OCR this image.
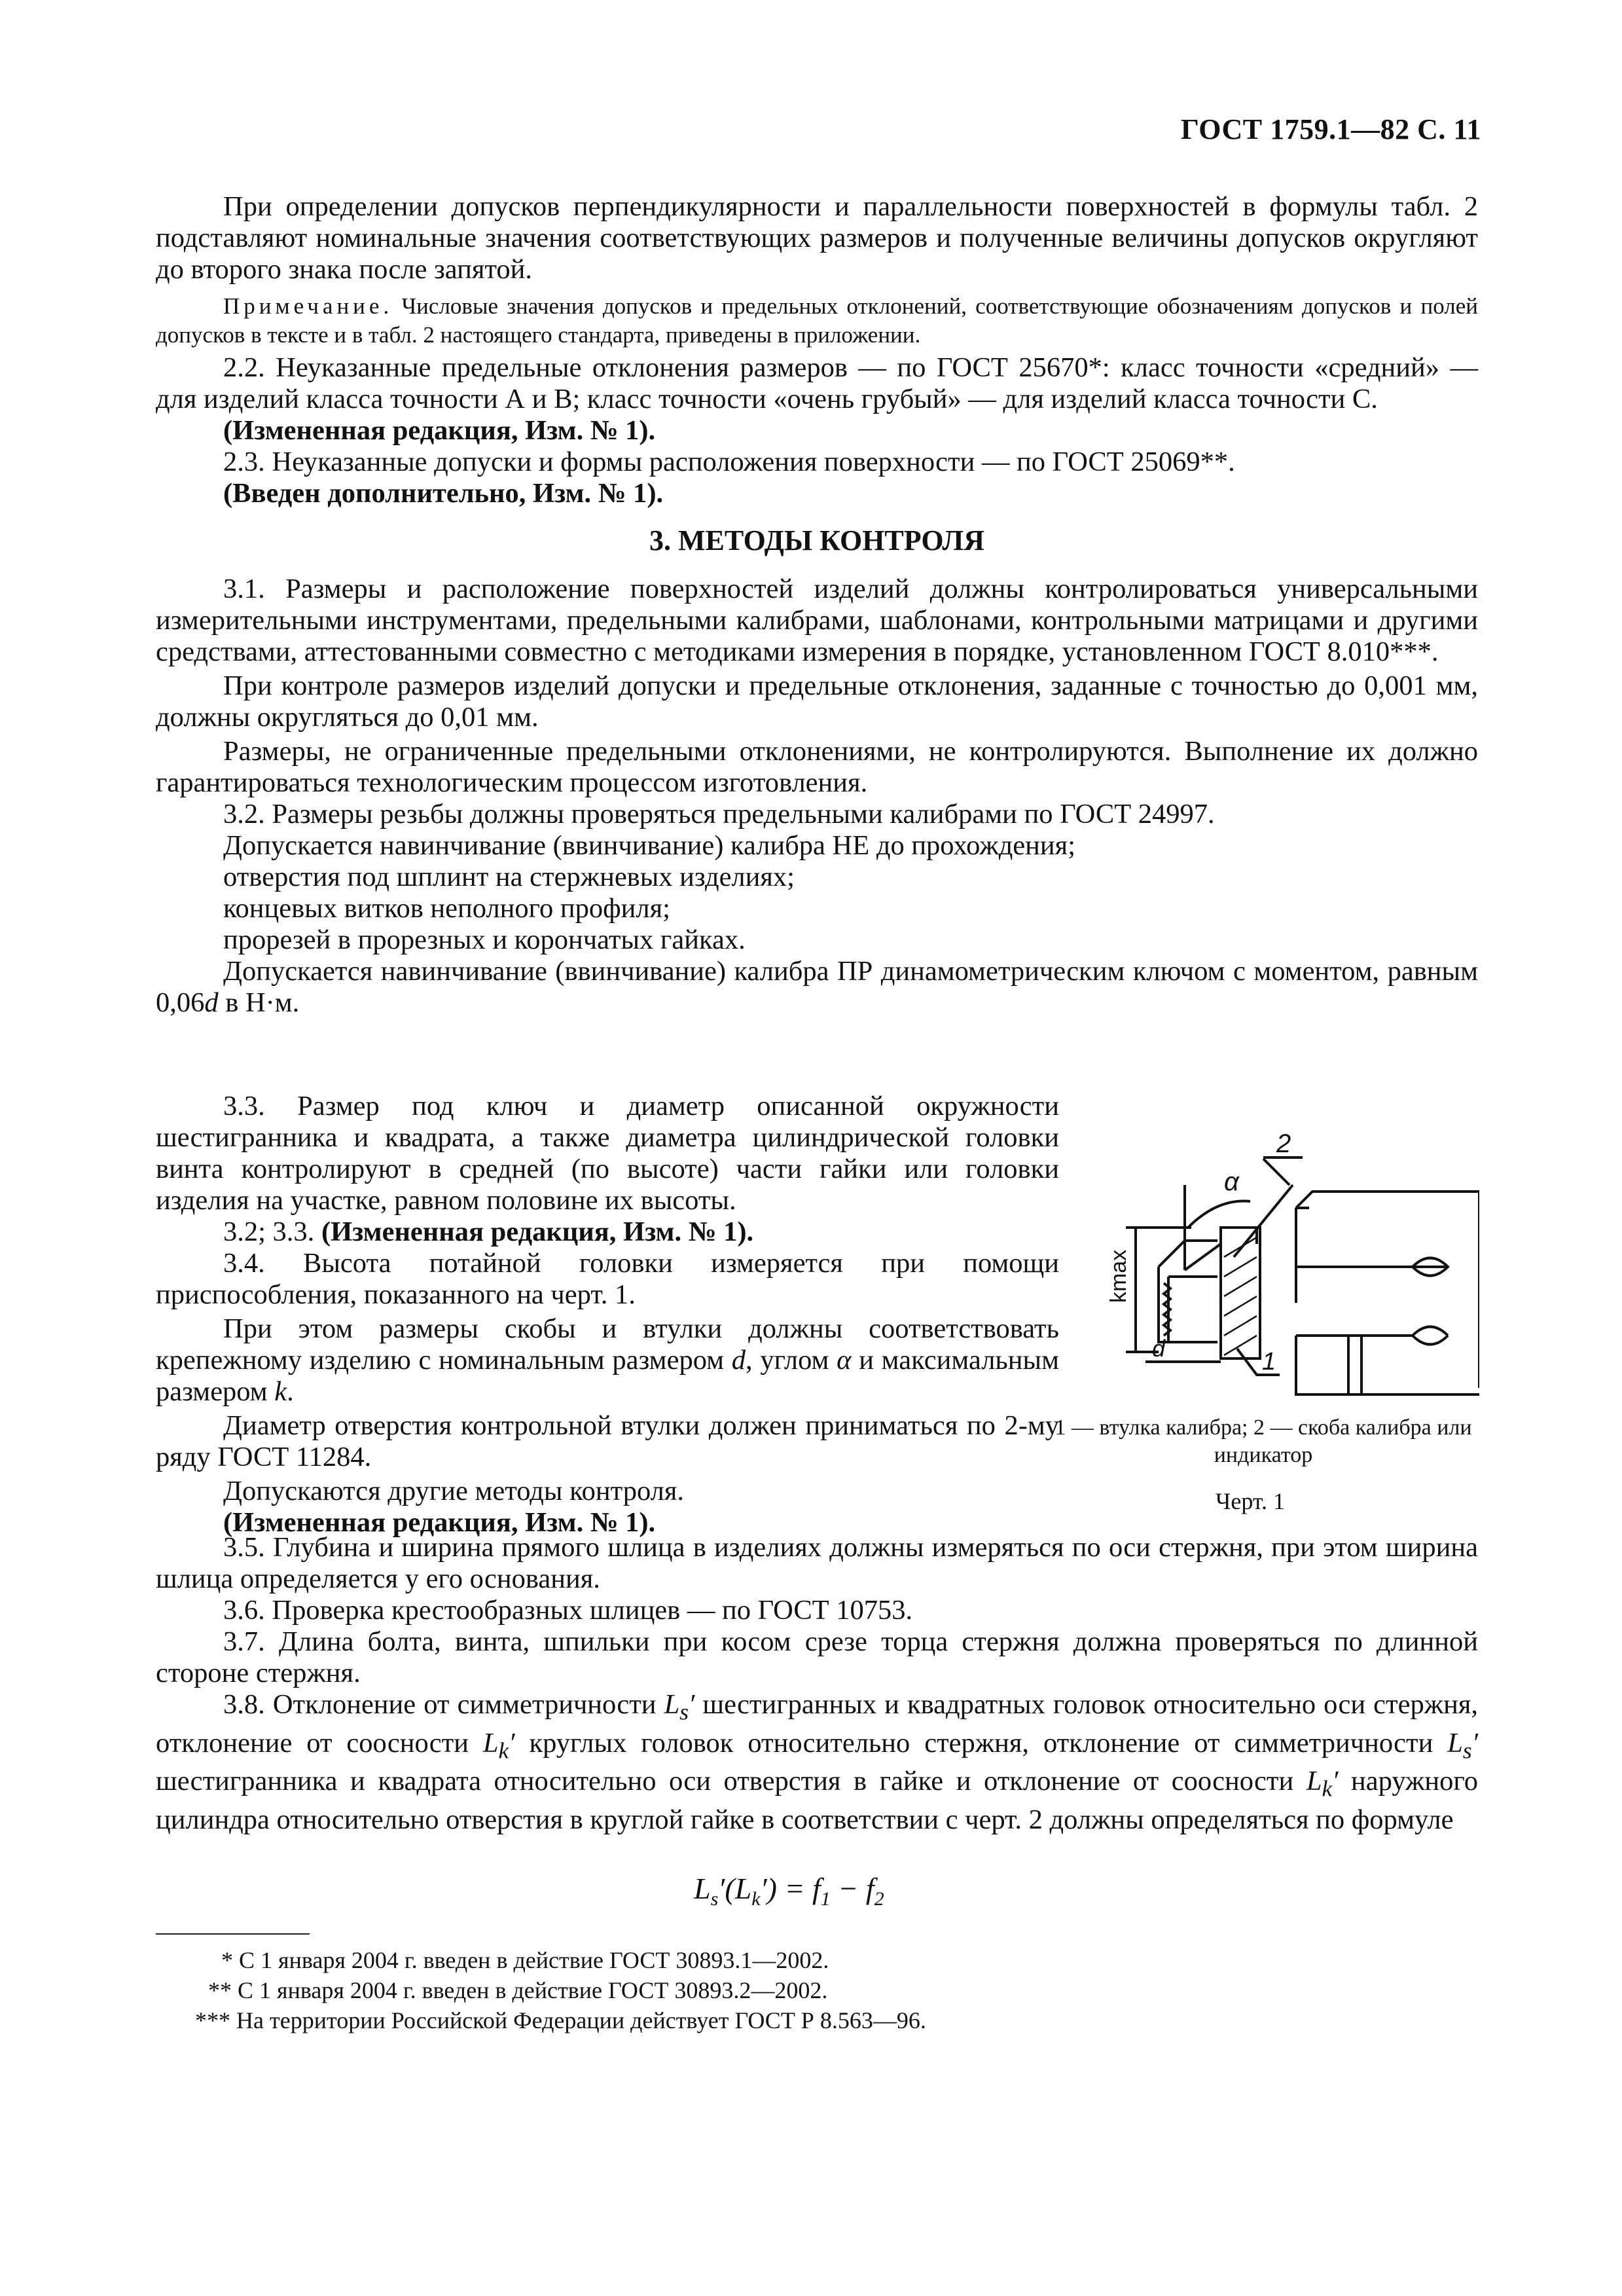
ГОСТ 1759.1—82 С. 11

При определении допусков перпендикулярности и параллельности поверхностей в формулы табл. 2 подставляют номинальные значения соответствующих размеров и полученные величины допусков округляют до второго знака после запятой.

Примечание. Числовые значения допусков и предельных отклонений, соответствующие обозначениям допусков и полей допусков в тексте и в табл. 2 настоящего стандарта, приведены в приложении.

2.2. Неуказанные предельные отклонения размеров — по ГОСТ 25670*: класс точности «средний» — для изделий класса точности А и В; класс точности «очень грубый» — для изделий класса точности С.

(Измененная редакция, Изм. № 1).

2.3. Неуказанные допуски и формы расположения поверхности — по ГОСТ 25069**.

(Введен дополнительно, Изм. № 1).

3. МЕТОДЫ КОНТРОЛЯ

3.1. Размеры и расположение поверхностей изделий должны контролироваться универсальными измерительными инструментами, предельными калибрами, шаблонами, контрольными матрицами и другими средствами, аттестованными совместно с методиками измерения в порядке, установленном ГОСТ 8.010***.

При контроле размеров изделий допуски и предельные отклонения, заданные с точностью до 0,001 мм, должны округляться до 0,01 мм.

Размеры, не ограниченные предельными отклонениями, не контролируются. Выполнение их должно гарантироваться технологическим процессом изготовления.

3.2. Размеры резьбы должны проверяться предельными калибрами по ГОСТ 24997.

Допускается навинчивание (ввинчивание) калибра НЕ до прохождения;

отверстия под шплинт на стержневых изделиях;

концевых витков неполного профиля;

прорезей в прорезных и корончатых гайках.

Допускается навинчивание (ввинчивание) калибра ПР динамометрическим ключом с моментом, равным 0,06d в Н·м.

3.3. Размер под ключ и диаметр описанной окружности шестигранника и квадрата, а также диаметра цилиндрической головки винта контролируют в средней (по высоте) части гайки или головки изделия на участке, равном половине их высоты.

3.2; 3.3. (Измененная редакция, Изм. № 1).

3.4. Высота потайной головки измеряется при помощи приспособления, показанного на черт. 1.

При этом размеры скобы и втулки должны соответствовать крепежному изделию с номинальным размером d, углом α и максимальным размером k.

Диаметр отверстия контрольной втулки должен приниматься по 2-му ряду ГОСТ 11284.

Допускаются другие методы контроля.

(Измененная редакция, Изм. № 1).

α
kmax
d	1
2
1 — втулка калибра; 2 — скоба калибра или индикатор
Черт. 1

3.5. Глубина и ширина прямого шлица в изделиях должны измеряться по оси стержня, при этом ширина шлица определяется у его основания.

3.6. Проверка крестообразных шлицев — по ГОСТ 10753.

3.7. Длина болта, винта, шпильки при косом срезе торца стержня должна проверяться по длинной стороне стержня.

3.8. Отклонение от симметричности $L_s'$ шестигранных и квадратных головок относительно оси стержня, отклонение от соосности $L_k'$ круглых головок относительно стержня, отклонение от симметричности $L_s'$ шестигранника и квадрата относительно оси отверстия в гайке и отклонение от соосности $L_k'$ наружного цилиндра относительно отверстия в круглой гайке в соответствии с черт. 2 должны определяться по формуле

$L_s'(L_k') = f_1 - f_2$
* С 1 января 2004 г. введен в действие ГОСТ 30893.1—2002.
** С 1 января 2004 г. введен в действие ГОСТ 30893.2—2002.
*** На территории Российской Федерации действует ГОСТ Р 8.563—96.
